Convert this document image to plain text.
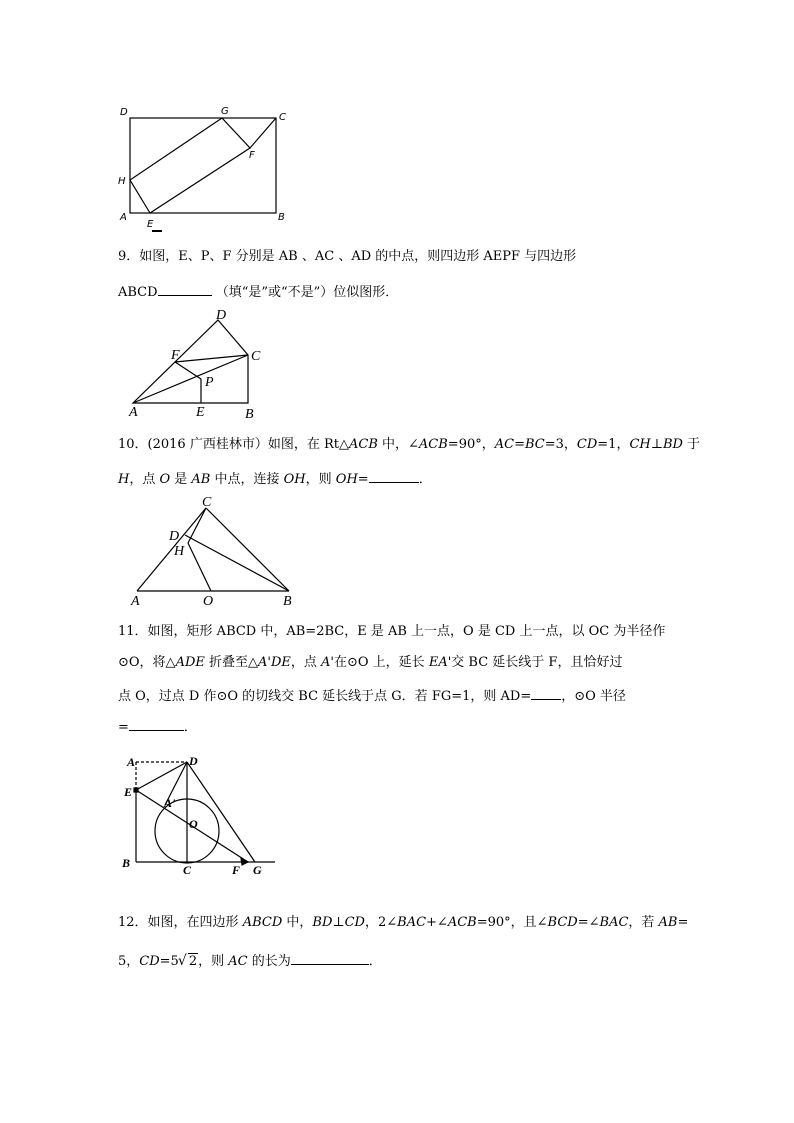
D	G
C
F
H
A
E
B
9．如图，E、P、F 分别是 AB 、AC 、AD 的中点，则四边形 AEPF 与四边形
ABCD	（填“是”或“不是”）位似图形．
D
F	C
P
A	E	B
10．(2016 广西桂林市）如图，在 Rt△ACB 中，∠ACB=90°，AC=BC=3，CD=1，CH⊥BD 于
H，点 O 是 AB 中点，连接 OH，则 OH=	．
C
D
H
A	O	B
11．如图，矩形 ABCD 中，AB=2BC，E 是 AB 上一点，O 是 CD 上一点，以 OC 为半径作
⊙O，将△ADE 折叠至△A'DE，点 A'在⊙O 上，延长 EA'交 BC 延长线于 F，且恰好过
点 O，过点 D 作⊙O 的切线交 BC 延长线于点 G．若 FG=1，则 AD= ，⊙O 半径
=	．
A	D
E
A'
O
B	C	F G
12．如图，在四边形 ABCD 中，BD⊥CD，2∠BAC+∠ACB=90°，且∠BCD=∠BAC，若 AB=
5，CD=5 √ 2，则 AC 的长为	．
